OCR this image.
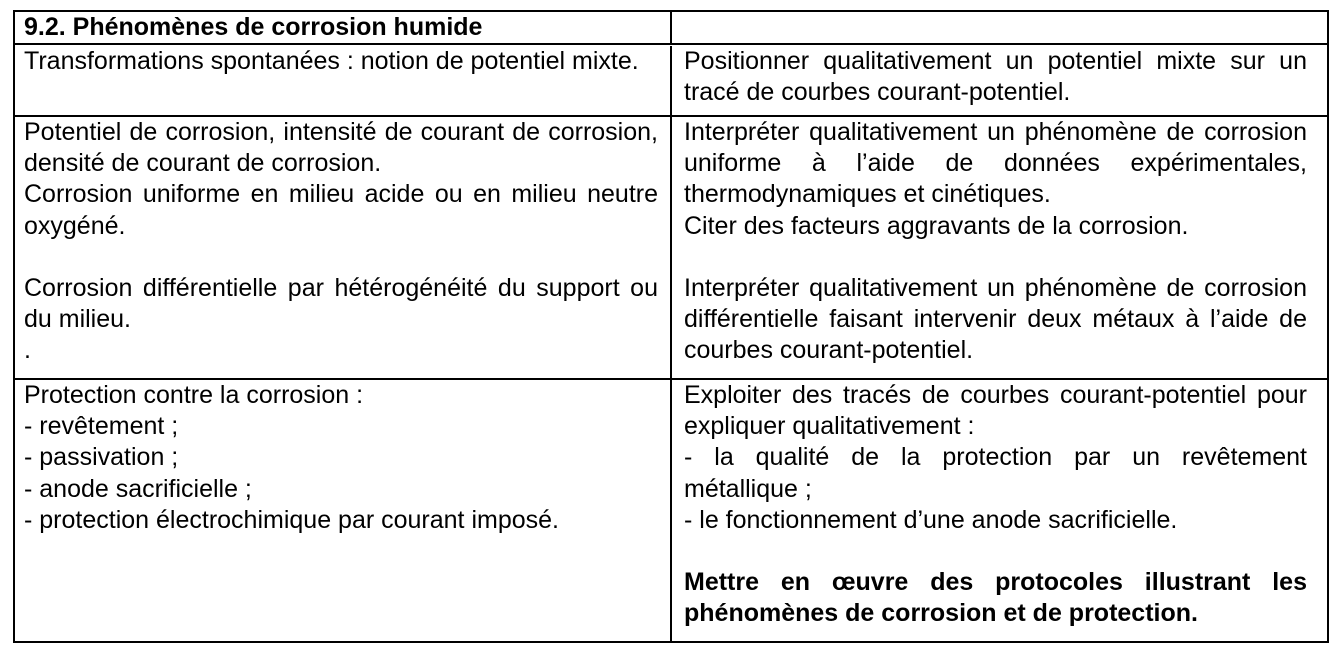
9.2. Phénomènes de corrosion humide

Transformations spontanées : notion de potentiel mixte.	Positionner qualitativement un potentiel mixte sur un tracé de courbes courant-potentiel.

Potentiel de corrosion, intensité de courant de corrosion, densité de courant de corrosion.

Corrosion uniforme en milieu acide ou en milieu neutre oxygéné.

Corrosion différentielle par hétérogénéité du support ou du milieu.

.

Interpréter qualitativement un phénomène de corrosion uniforme à l’aide de données expérimentales, thermodynamiques et cinétiques.

Citer des facteurs aggravants de la corrosion.

Interpréter qualitativement un phénomène de corrosion différentielle faisant intervenir deux métaux à l’aide de courbes courant-potentiel.

Protection contre la corrosion :

- revêtement ;

- passivation ;

- anode sacrificielle ;

- protection électrochimique par courant imposé.

Exploiter des tracés de courbes courant-potentiel pour expliquer qualitativement :

- la qualité de la protection par un revêtement métallique ;

- le fonctionnement d’une anode sacrificielle.

Mettre en œuvre des protocoles illustrant les phénomènes de corrosion et de protection.
